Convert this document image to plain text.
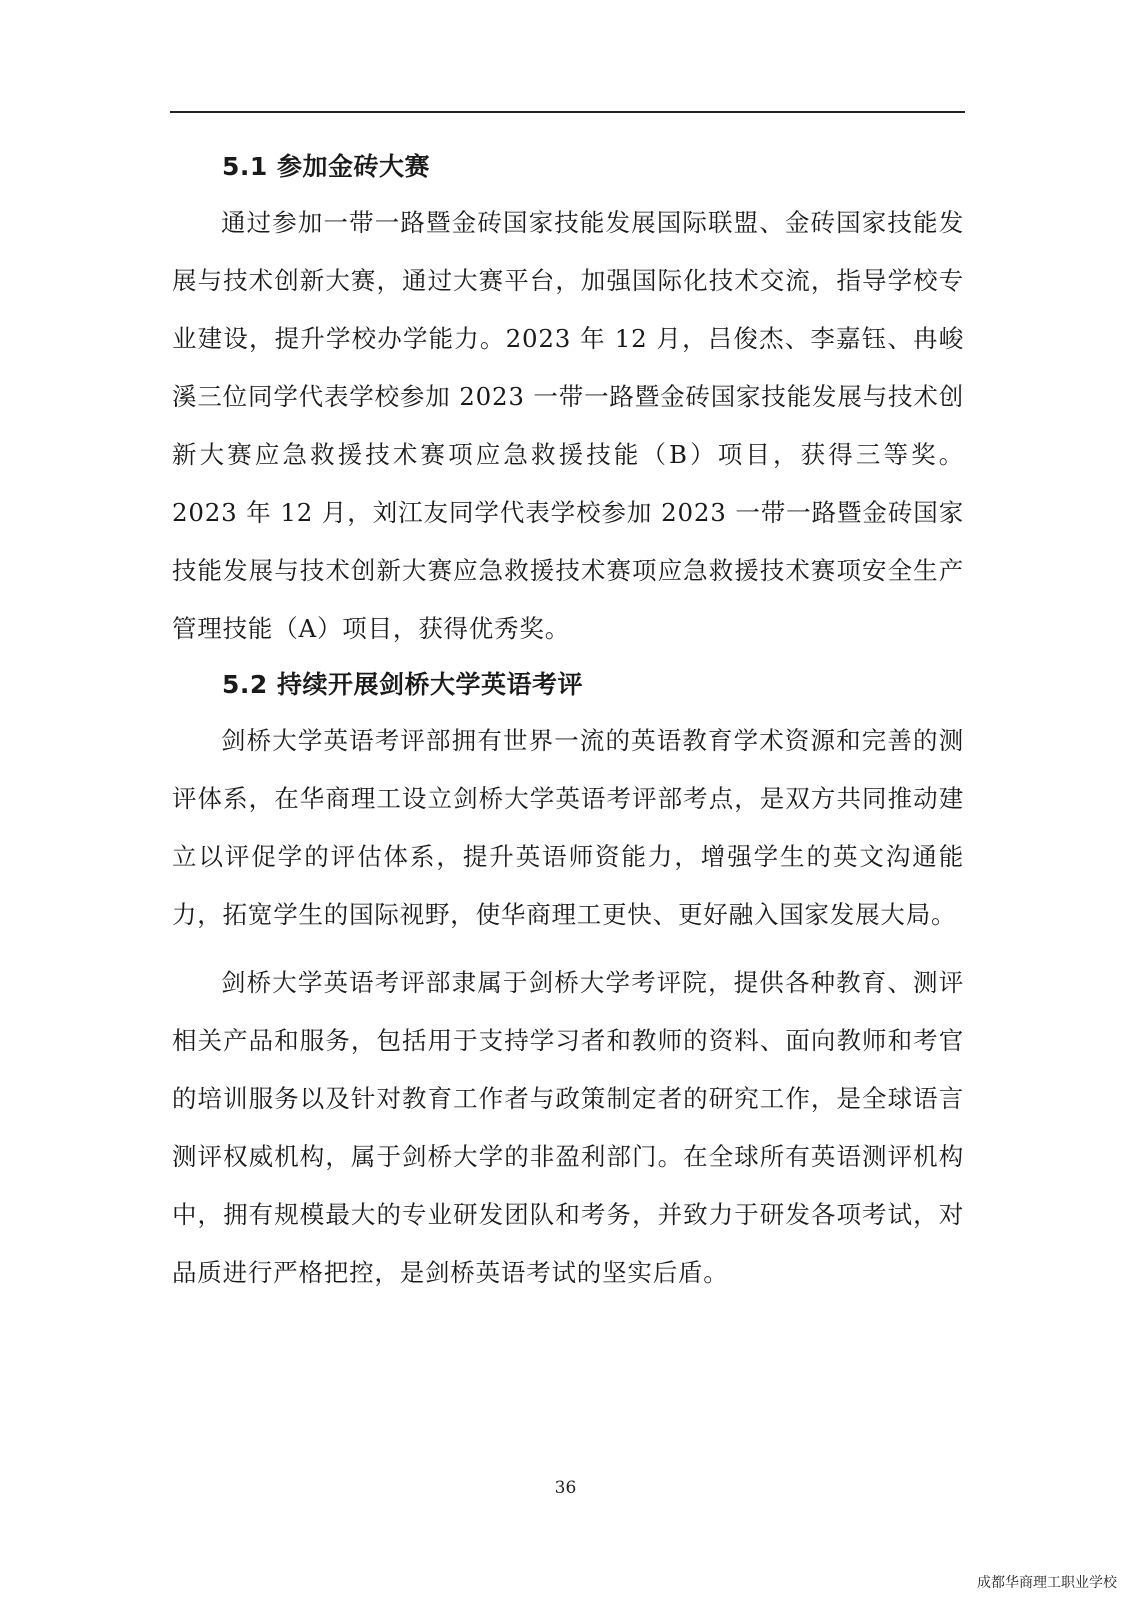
5.1 参加金砖大赛

通过参加一带一路暨金砖国家技能发展国际联盟、金砖国家技能发展与技术创新大赛，通过大赛平台，加强国际化技术交流，指导学校专业建设，提升学校办学能力。2023 年 12 月，吕俊杰、李嘉钰、冉峻溪三位同学代表学校参加 2023 一带一路暨金砖国家技能发展与技术创新大赛应急救援技术赛项应急救援技能（B）项目，获得三等奖。2023 年 12 月，刘江友同学代表学校参加 2023 一带一路暨金砖国家技能发展与技术创新大赛应急救援技术赛项应急救援技术赛项安全生产管理技能（A）项目，获得优秀奖。

5.2 持续开展剑桥大学英语考评

剑桥大学英语考评部拥有世界一流的英语教育学术资源和完善的测评体系，在华商理工设立剑桥大学英语考评部考点，是双方共同推动建立以评促学的评估体系，提升英语师资能力，增强学生的英文沟通能力，拓宽学生的国际视野，使华商理工更快、更好融入国家发展大局。

剑桥大学英语考评部隶属于剑桥大学考评院，提供各种教育、测评相关产品和服务，包括用于支持学习者和教师的资料、面向教师和考官的培训服务以及针对教育工作者与政策制定者的研究工作，是全球语言测评权威机构，属于剑桥大学的非盈利部门。在全球所有英语测评机构中，拥有规模最大的专业研发团队和考务，并致力于研发各项考试，对品质进行严格把控，是剑桥英语考试的坚实后盾。

36
成都华商理工职业学校
